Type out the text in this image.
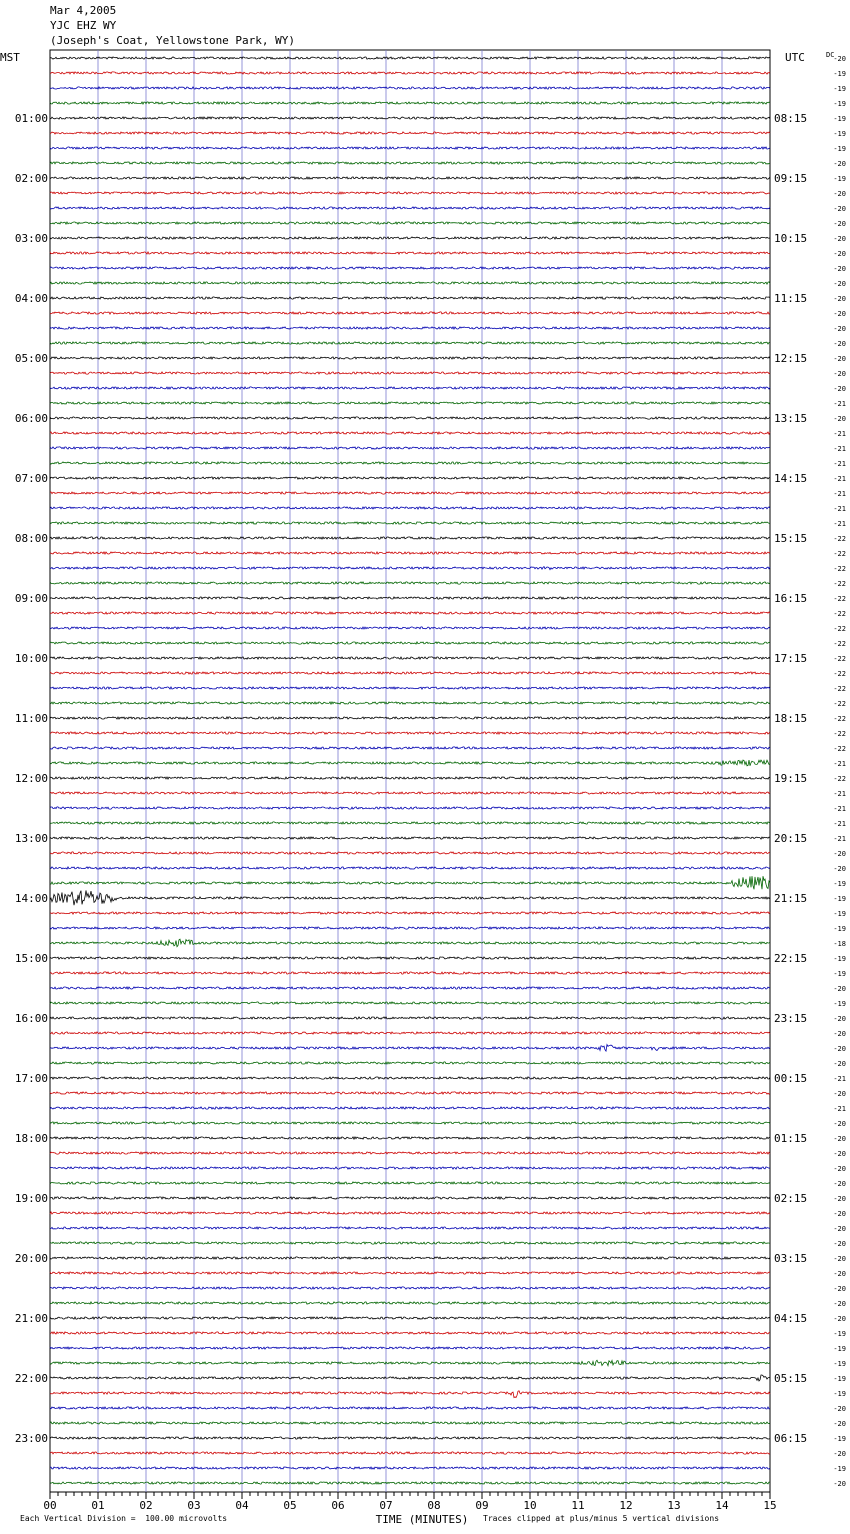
Mar 4,2005
YJC EHZ WY
(Joseph's Coat, Yellowstone Park, WY)
-20
-19
-19
-19
-19
-19
-19
-20
-19
-20
-20
-20
-20
-20
-20
-20
-20
-20
-20
-20
-20
-20
-20
-21
-20
-21
-21
-21
-21
-21
-21
-21
-22
-22
-22
-22
-22
-22
-22
-22
-22
-22
-22
-22
-22
-22
-22
-21
-22
-21
-21
-21
-21
-20
-20
-19
-19
-19
-19
-18
-19
-19
-20
-19
-20
-20
-20
-20
-21
-20
-21
-20
-20
-20
-20
-20
-20
-20
-20
-20
-20
-20
-20
-20
-20
-19
-19
-19
-19
-19
-20
-20
-19
-20
-19
-20
MST	UTC	DC
01:00
02:00
03:00
04:00
05:00
06:00
07:00
08:00
09:00
10:00
11:00
12:00
13:00
14:00
15:00
16:00
17:00
18:00
19:00
20:00
21:00
22:00
23:00
08:15
09:15
10:15
11:15
12:15
13:15
14:15
15:15
16:15
17:15
18:15
19:15
20:15
21:15
22:15
23:15
00:15
01:15
02:15
03:15
04:15
05:15
06:15
00	01	02	03	04	05	06	07	08	09	10	11	12	13	14	15
TIME (MINUTES)
Each Vertical Division =  100.00 microvolts	Traces clipped at plus/minus 5 vertical divisions
